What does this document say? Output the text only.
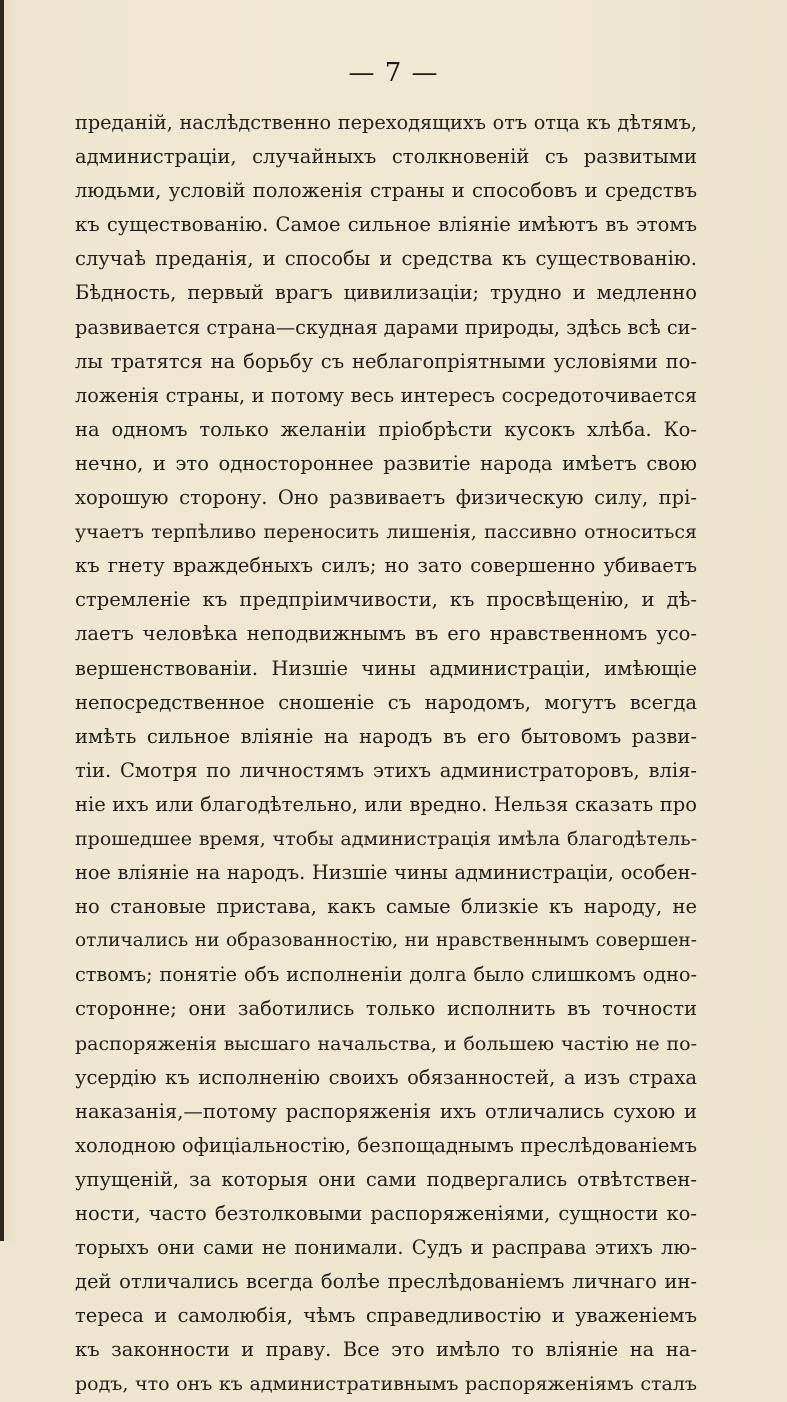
— 7 —
преданій, наслѣдственно переходящихъ отъ отца къ дѣтямъ,
администраціи, случайныхъ столкновеній съ развитыми
людьми, условій положенія страны и способовъ и средствъ
къ существованію. Самое сильное вліяніе имѣютъ въ этомъ
случаѣ преданія, и способы и средства къ существованію.
Бѣдность, первый врагъ цивилизаціи; трудно и медленно
развивается страна—скудная дарами природы, здѣсь всѣ си-
лы тратятся на борьбу съ неблагопріятными условіями по-
ложенія страны, и потому весь интересъ сосредоточивается
на одномъ только желаніи пріобрѣсти кусокъ хлѣба. Ко-
нечно, и это одностороннее развитіе народа имѣетъ свою
хорошую сторону. Оно развиваетъ физическую силу, прі-
учаетъ терпѣливо переносить лишенія, пассивно относиться
къ гнету враждебныхъ силъ; но зато совершенно убиваетъ
стремленіе къ предпріимчивости, къ просвѣщенію, и дѣ-
лаетъ человѣка неподвижнымъ въ его нравственномъ усо-
вершенствованіи. Низшіе чины администраціи, имѣющіе
непосредственное сношеніе съ народомъ, могутъ всегда
имѣть сильное вліяніе на народъ въ его бытовомъ разви-
тіи. Смотря по личностямъ этихъ администраторовъ, влія-
ніе ихъ или благодѣтельно, или вредно. Нельзя сказать про
прошедшее время, чтобы администрація имѣла благодѣтель-
ное вліяніе на народъ. Низшіе чины администраціи, особен-
но становые пристава, какъ самые близкіе къ народу, не
отличались ни образованностію, ни нравственнымъ совершен-
ствомъ; понятіе объ исполненіи долга было слишкомъ одно-
сторонне; они заботились только исполнить въ точности
распоряженія высшаго начальства, и большею частію не по-
усердію къ исполненію своихъ обязанностей, а изъ страха
наказанія,—потому распоряженія ихъ отличались сухою и
холодною офиціальностію, безпощаднымъ преслѣдованіемъ
упущеній, за которыя они сами подвергались отвѣтствен-
ности, часто безтолковыми распоряженіями, сущности ко-
торыхъ они сами не понимали. Судъ и расправа этихъ лю-
дей отличались всегда болѣе преслѣдованіемъ личнаго ин-
тереса и самолюбія, чѣмъ справедливостію и уваженіемъ
къ законности и праву. Все это имѣло то вліяніе на на-
родъ, что онъ къ административнымъ распоряженіямъ сталъ
